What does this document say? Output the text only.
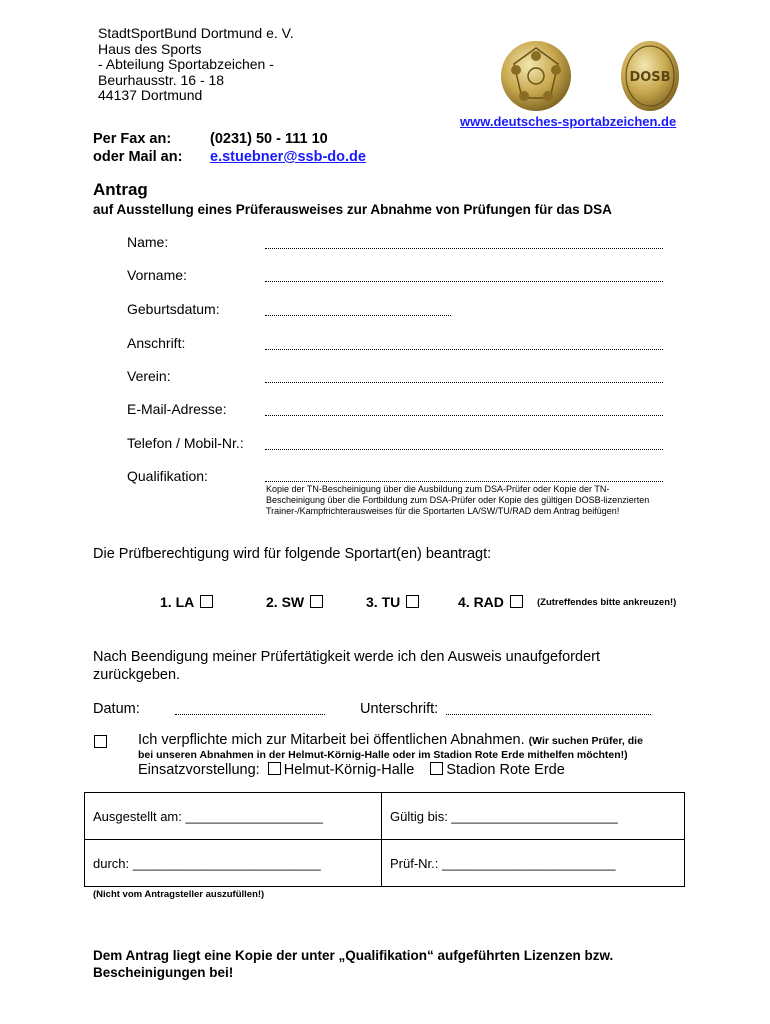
StadtSportBund Dortmund e. V.
Haus des Sports
- Abteilung Sportabzeichen -
Beurhausstr. 16 - 18
44137 Dortmund
DOSB
www.deutsches-sportabzeichen.de
Per Fax an:	(0231) 50 - 111 10
oder Mail an: e.stuebner@ssb-do.de
Antrag
auf Ausstellung eines Prüferausweises zur Abnahme von Prüfungen für das DSA
Name:
Vorname:
Geburtsdatum:
Anschrift:
Verein:
E-Mail-Adresse:
Telefon / Mobil-Nr.:
Qualifikation:
Kopie der TN-Bescheinigung über die Ausbildung zum DSA-Prüfer oder Kopie der TN-Bescheinigung über die Fortbildung zum DSA-Prüfer oder Kopie des gültigen DOSB-lizenzierten Trainer-/Kampfrichterausweises für die Sportarten LA/SW/TU/RAD dem Antrag beifügen!
Die Prüfberechtigung wird für folgende Sportart(en) beantragt:
1. LA	2. SW	3. TU	4. RAD	(Zutreffendes bitte ankreuzen!)
Nach Beendigung meiner Prüfertätigkeit werde ich den Ausweis unaufgefordert
zurückgeben.
Datum:	Unterschrift:
Ich verpflichte mich zur Mitarbeit bei öffentlichen Abnahmen. (Wir suchen Prüfer, die
bei unseren Abnahmen in der Helmut-Körnig-Halle oder im Stadion Rote Erde mithelfen möchten!)
Einsatzvorstellung: Helmut-Körnig-Halle Stadion Rote Erde
Ausgestellt am: ___________________	Gültig bis: _______________________
durch: __________________________	Prüf-Nr.: ________________________
(Nicht vom Antragsteller auszufüllen!)
Dem Antrag liegt eine Kopie der unter „Qualifikation“ aufgeführten Lizenzen bzw.
Bescheinigungen bei!
